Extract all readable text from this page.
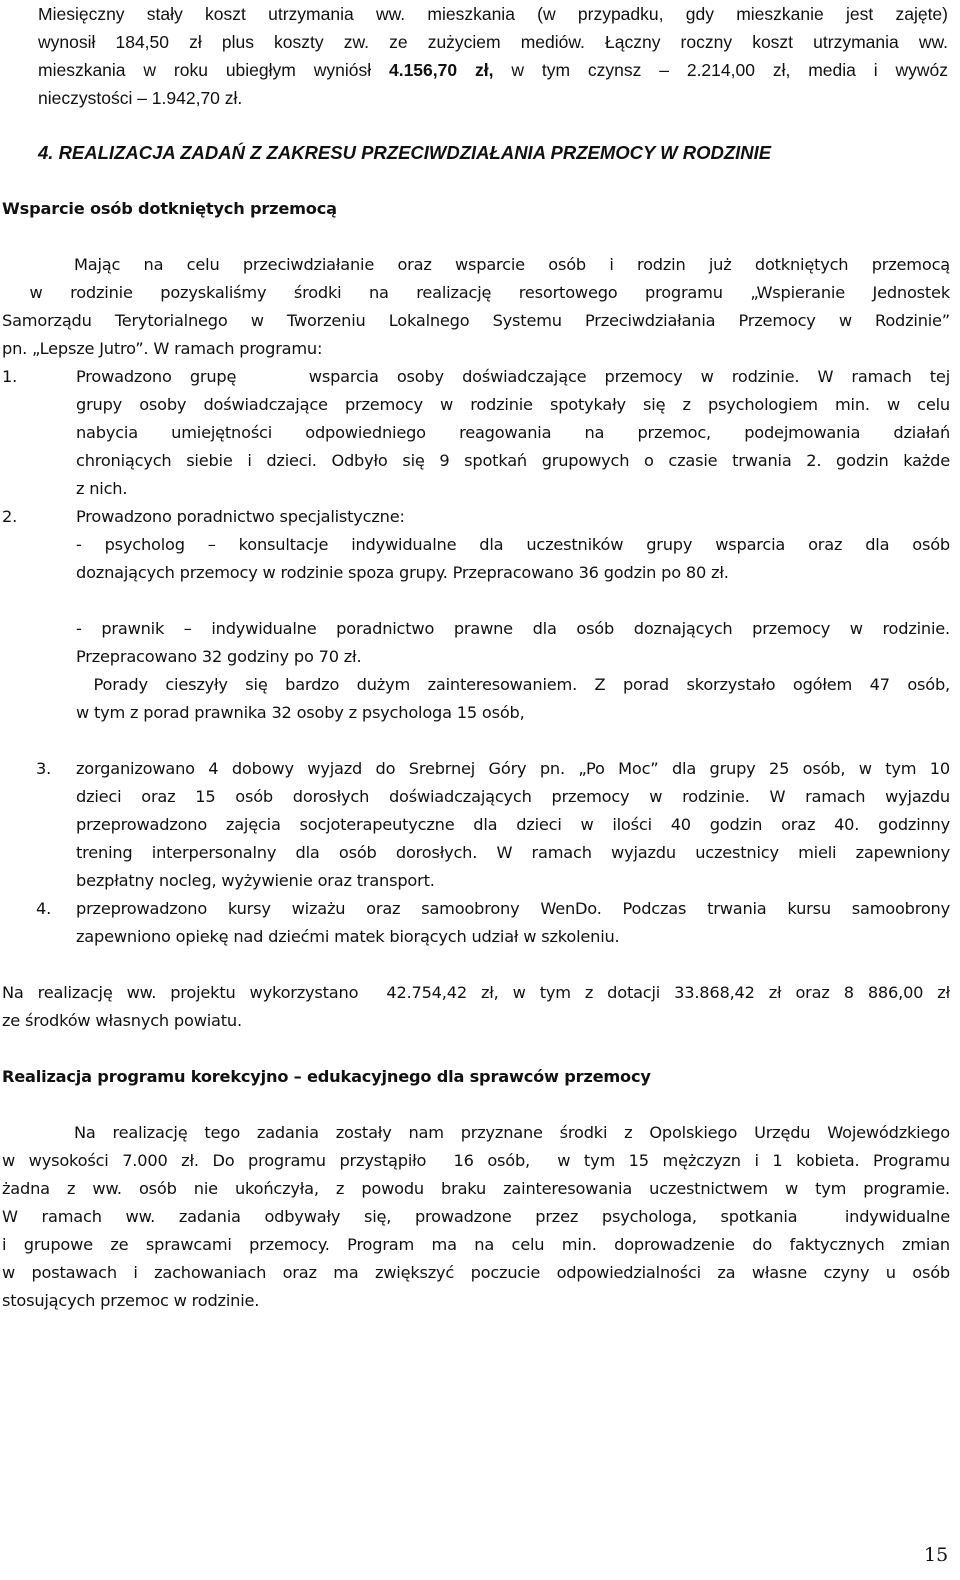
Miesięczny stały koszt utrzymania ww. mieszkania (w przypadku, gdy mieszkanie jest zajęte)
wynosił 184,50 zł plus koszty zw. ze zużyciem mediów. Łączny roczny koszt utrzymania ww.
mieszkania w roku ubiegłym wyniósł 4.156,70 zł, w tym czynsz – 2.214,00 zł, media i wywóz
nieczystości – 1.942,70 zł.
4. REALIZACJA ZADAŃ Z ZAKRESU PRZECIWDZIAŁANIA PRZEMOCY W RODZINIE

Wsparcie osób dotkniętych przemocą

Mając na celu przeciwdziałanie oraz wsparcie osób i rodzin już dotkniętych przemocą

w rodzinie pozyskaliśmy środki na realizację resortowego programu „Wspieranie Jednostek

Samorządu Terytorialnego w Tworzeniu Lokalnego Systemu Przeciwdziałania Przemocy w Rodzinie”

pn. „Lepsze Jutro”. W ramach programu:

1.	Prowadzono grupę    wsparcia osoby doświadczające przemocy w rodzinie. W ramach tej

grupy osoby doświadczające przemocy w rodzinie spotykały się z psychologiem min. w celu

nabycia umiejętności odpowiedniego reagowania na przemoc, podejmowania działań

chroniących siebie i dzieci. Odbyło się 9 spotkań grupowych o czasie trwania 2. godzin każde

z nich.

2.	Prowadzono poradnictwo specjalistyczne:

- psycholog – konsultacje indywidualne dla uczestników grupy wsparcia oraz dla osób

doznających przemocy w rodzinie spoza grupy. Przepracowano 36 godzin po 80 zł.

- prawnik – indywidualne poradnictwo prawne dla osób doznających przemocy w rodzinie.

Przepracowano 32 godziny po 70 zł.

Porady cieszyły się bardzo dużym zainteresowaniem. Z porad skorzystało ogółem 47 osób,

w tym z porad prawnika 32 osoby z psychologa 15 osób,

3.	zorganizowano 4 dobowy wyjazd do Srebrnej Góry pn. „Po Moc” dla grupy 25 osób, w tym 10

dzieci oraz 15 osób dorosłych doświadczających przemocy w rodzinie. W ramach wyjazdu

przeprowadzono zajęcia socjoterapeutyczne dla dzieci w ilości 40 godzin oraz 40. godzinny

trening interpersonalny dla osób dorosłych. W ramach wyjazdu uczestnicy mieli zapewniony

bezpłatny nocleg, wyżywienie oraz transport.

4.	przeprowadzono kursy wizażu oraz samoobrony WenDo. Podczas trwania kursu samoobrony

zapewniono opiekę nad dziećmi matek biorących udział w szkoleniu.

Na realizację ww. projektu wykorzystano  42.754,42 zł, w tym z dotacji 33.868,42 zł oraz 8 886,00 zł

ze środków własnych powiatu.

Realizacja programu korekcyjno – edukacyjnego dla sprawców przemocy

Na realizację tego zadania zostały nam przyznane środki z Opolskiego Urzędu Wojewódzkiego

w wysokości 7.000 zł. Do programu przystąpiło  16 osób,  w tym 15 mężczyzn i 1 kobieta. Programu

żadna z ww. osób nie ukończyła, z powodu braku zainteresowania uczestnictwem w tym programie.

W ramach ww. zadania odbywały się, prowadzone przez psychologa, spotkania  indywidualne

i grupowe ze sprawcami przemocy. Program ma na celu min. doprowadzenie do faktycznych zmian

w postawach i zachowaniach oraz ma zwiększyć poczucie odpowiedzialności za własne czyny u osób

stosujących przemoc w rodzinie.

15
